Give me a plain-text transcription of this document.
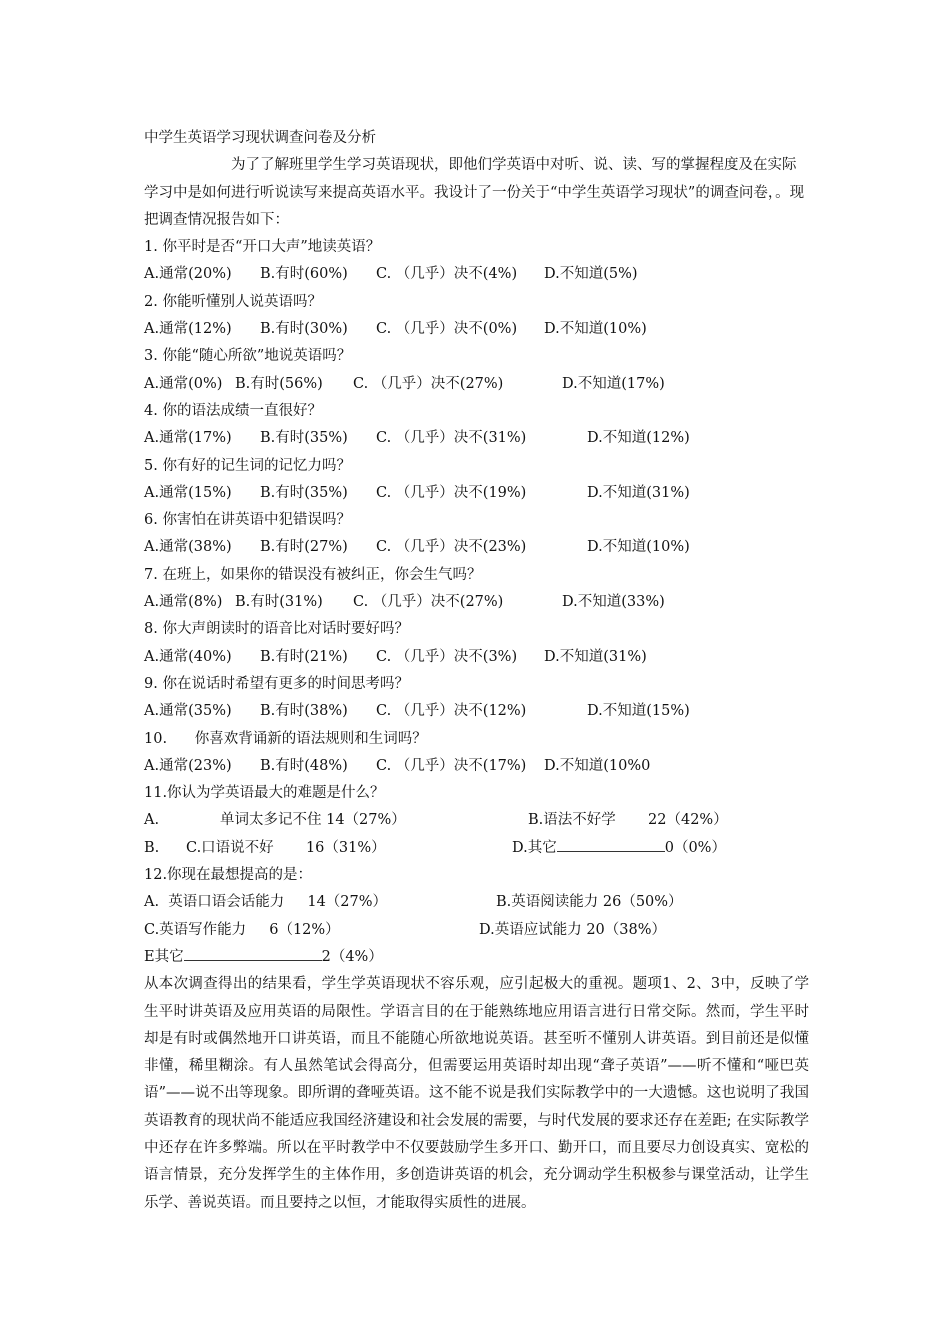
中学生英语学习现状调查问卷及分析
为了了解班里学生学习英语现状，即他们学英语中对听、说、读、写的掌握程度及在实际学习中是如何进行听说读写来提高英语水平。我设计了一份关于“中学生英语学习现状”的调查问卷，。现把调查情况报告如下：
1. 你平时是否“开口大声”地读英语？
A.通常(20%) B.有时(60%) C. （几乎）决不(4%) D.不知道(5%)
2. 你能听懂别人说英语吗？
A.通常(12%) B.有时(30%) C. （几乎）决不(0%) D.不知道(10%)
3. 你能“随心所欲”地说英语吗？
A.通常(0%) B.有时(56%) C. （几乎）决不(27%)	D.不知道(17%)
4. 你的语法成绩一直很好？
A.通常(17%) B.有时(35%) C. （几乎）决不(31%)	D.不知道(12%)
5. 你有好的记生词的记忆力吗？
A.通常(15%) B.有时(35%) C. （几乎）决不(19%)	D.不知道(31%)
6. 你害怕在讲英语中犯错误吗？
A.通常(38%) B.有时(27%) C. （几乎）决不(23%)	D.不知道(10%)
7. 在班上，如果你的错误没有被纠正，你会生气吗？
A.通常(8%) B.有时(31%) C. （几乎）决不(27%)	D.不知道(33%)
8. 你大声朗读时的语音比对话时要好吗？
A.通常(40%) B.有时(21%) C. （几乎）决不(3%) D.不知道(31%)
9. 你在说话时希望有更多的时间思考吗？
A.通常(35%) B.有时(38%) C. （几乎）决不(12%)	D.不知道(15%)
10.      你喜欢背诵新的语法规则和生词吗？
A.通常(23%) B.有时(48%) C. （几乎）决不(17%) D.不知道(10%0
11.你认为学英语最大的难题是什么？
A.	单词太多记不住 14（27%）	B.语法不好学       22（42%）
B. C.口语说不好       16（31%）	D.其它	0（0%）
12.你现在最想提高的是：
A.  英语口语会话能力     14（27%）	B.英语阅读能力 26（50%）
C.英语写作能力     6（12%）	D.英语应试能力 20（38%）
E其它	2（4%）
从本次调查得出的结果看，学生学英语现状不容乐观，应引起极大的重视。题项1、2、3中，反映了学生平时讲英语及应用英语的局限性。学语言目的在于能熟练地应用语言进行日常交际。然而，学生平时却是有时或偶然地开口讲英语，而且不能随心所欲地说英语。甚至听不懂别人讲英语。到目前还是似懂非懂，稀里糊涂。有人虽然笔试会得高分，但需要运用英语时却出现“聋子英语”——听不懂和“哑巴英语”——说不出等现象。即所谓的聋哑英语。这不能不说是我们实际教学中的一大遗憾。这也说明了我国英语教育的现状尚不能适应我国经济建设和社会发展的需要，与时代发展的要求还存在差距; 在实际教学中还存在许多弊端。所以在平时教学中不仅要鼓励学生多开口、勤开口，而且要尽力创设真实、宽松的语言情景，充分发挥学生的主体作用，多创造讲英语的机会，充分调动学生积极参与课堂活动，让学生乐学、善说英语。而且要持之以恒，才能取得实质性的进展。
